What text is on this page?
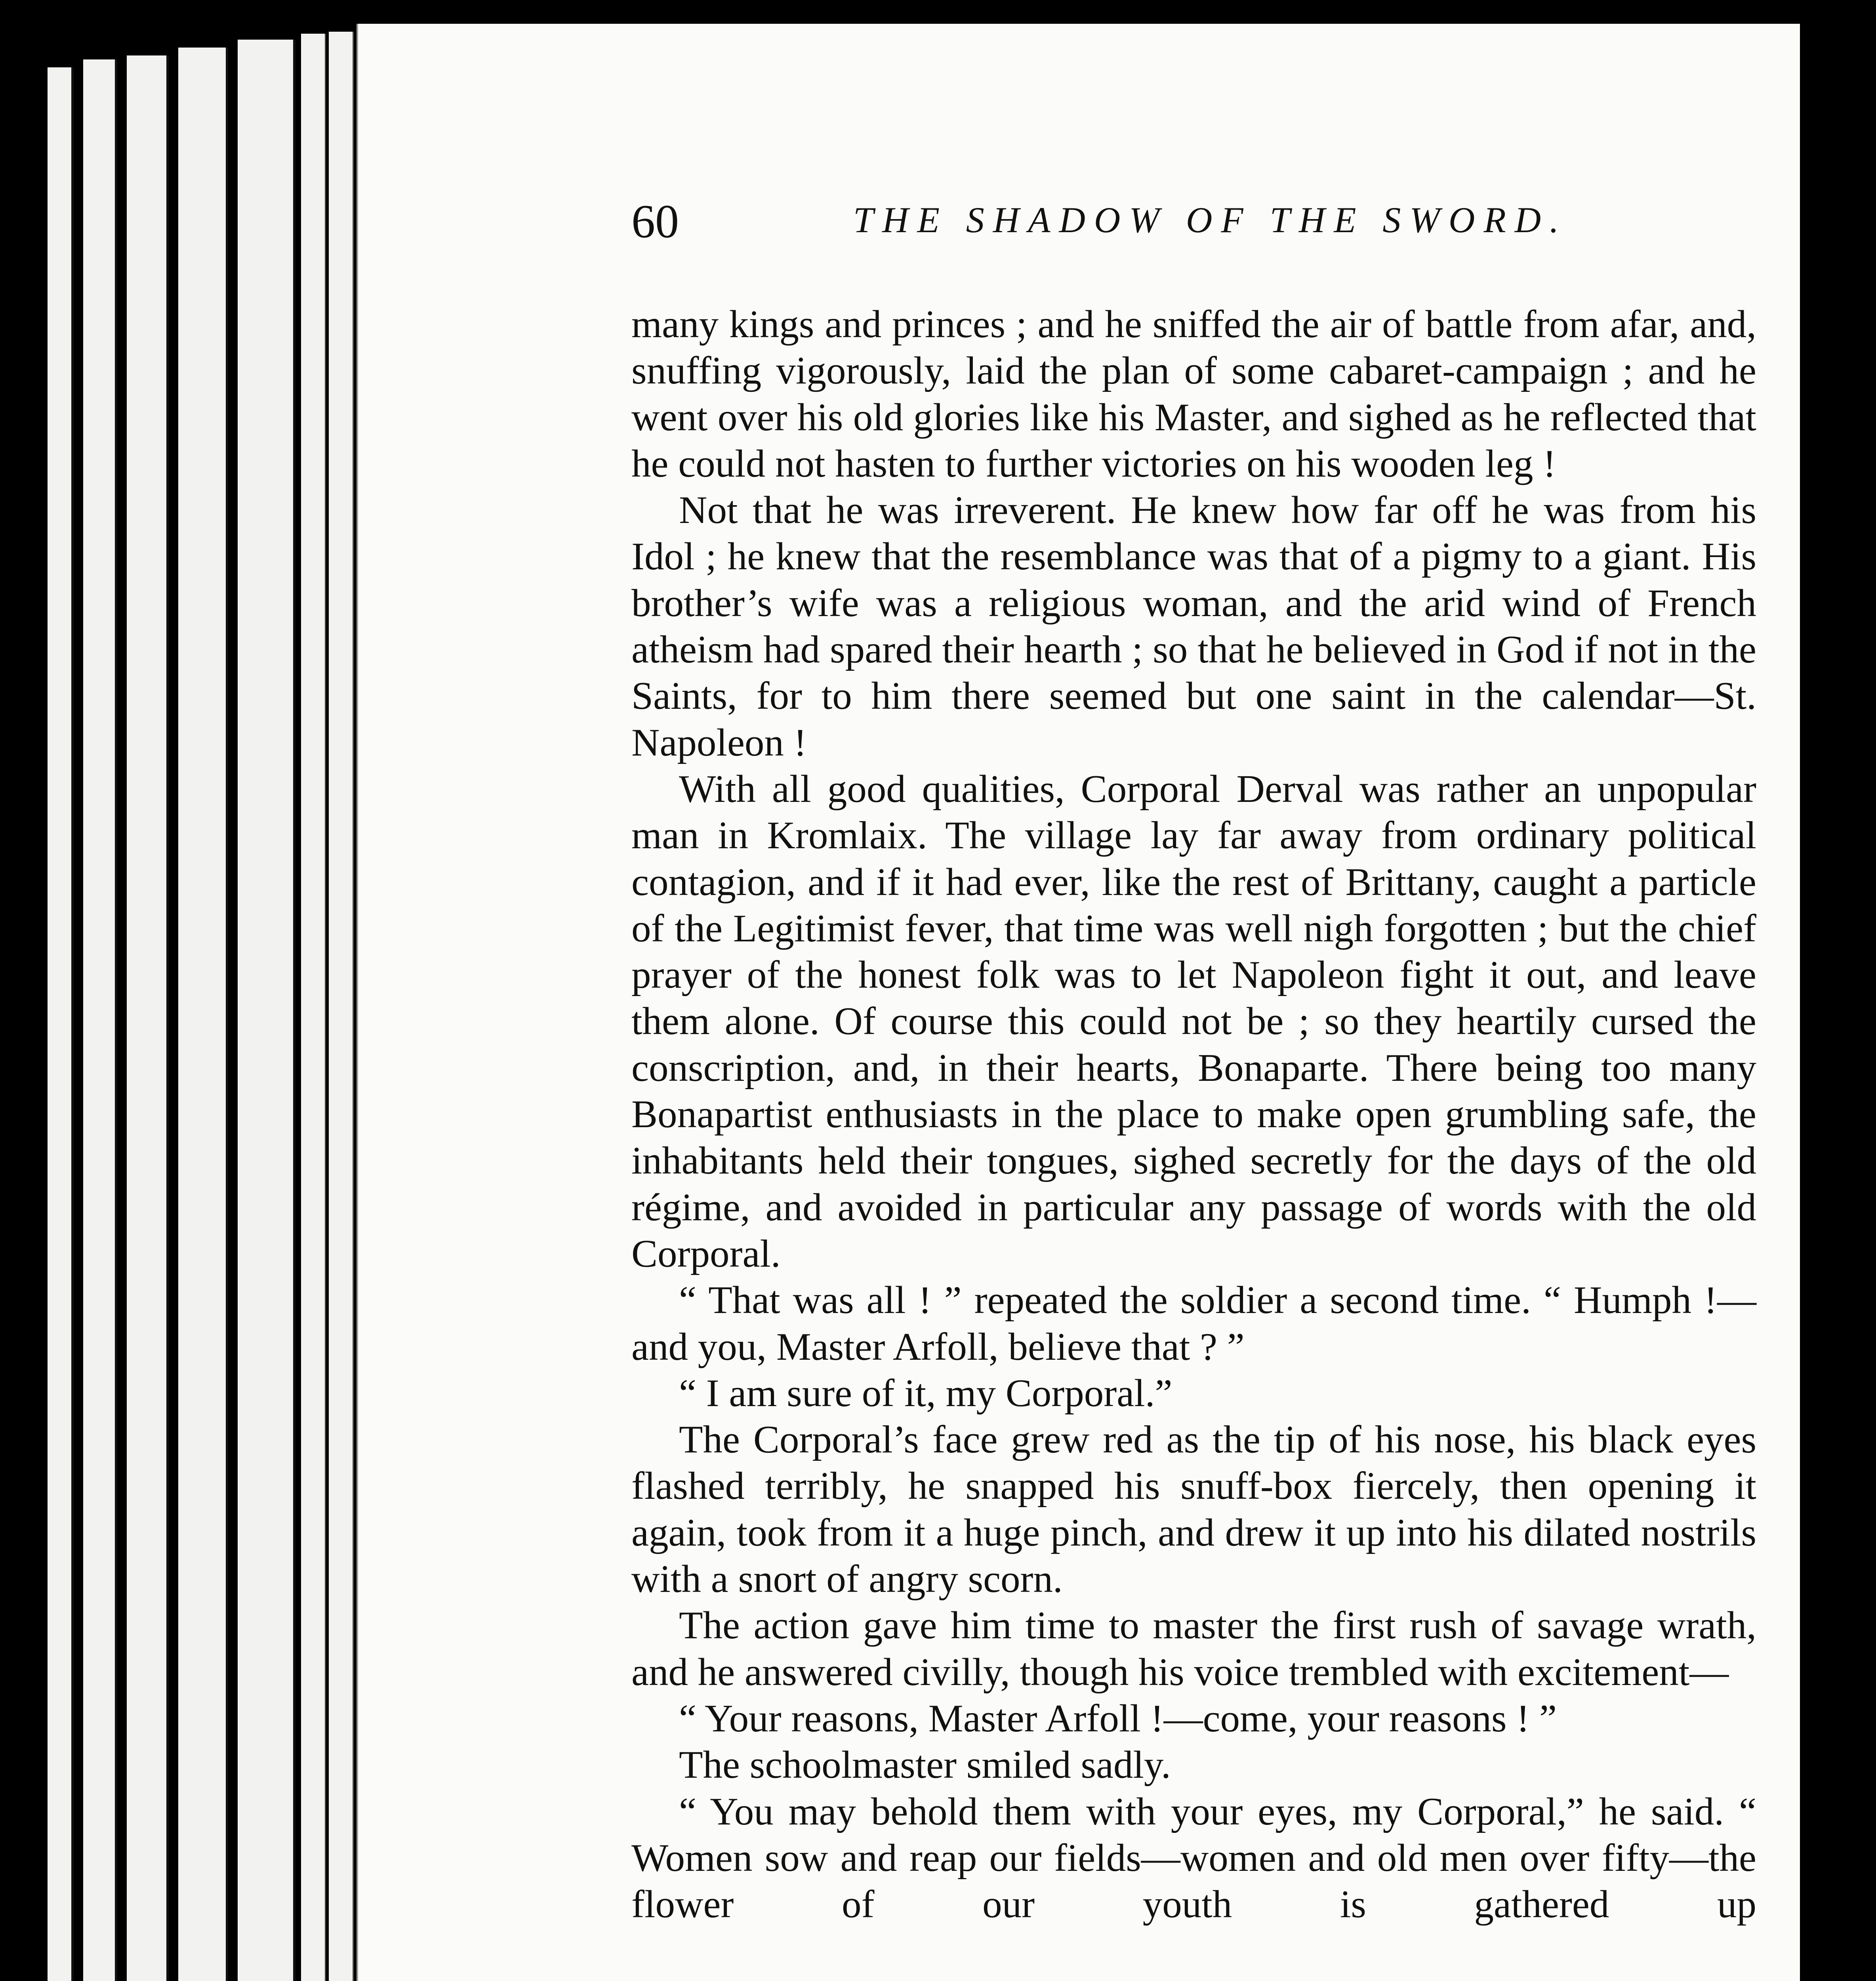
60	THE SHADOW OF THE SWORD.

many kings and princes ; and he sniffed the air of battle from afar, and, snuffing vigorously, laid the plan of some cabaret-campaign ; and he went over his old glories like his Master, and sighed as he reflected that he could not hasten to further victories on his wooden leg !

Not that he was irreverent. He knew how far off he was from his Idol ; he knew that the resemblance was that of a pigmy to a giant. His brother’s wife was a religious woman, and the arid wind of French atheism had spared their hearth ; so that he believed in God if not in the Saints, for to him there seemed but one saint in the calendar—St. Napoleon !

With all good qualities, Corporal Derval was rather an unpopular man in Kromlaix. The village lay far away from ordinary political contagion, and if it had ever, like the rest of Brittany, caught a particle of the Legitimist fever, that time was well nigh forgotten ; but the chief prayer of the honest folk was to let Napoleon fight it out, and leave them alone. Of course this could not be ; so they heartily cursed the conscription, and, in their hearts, Bonaparte. There being too many Bonapartist enthusiasts in the place to make open grumbling safe, the inhabitants held their tongues, sighed secretly for the days of the old régime, and avoided in particular any passage of words with the old Corporal.

“ That was all ! ” repeated the soldier a second time. “ Humph !—and you, Master Arfoll, believe that ? ”

“ I am sure of it, my Corporal.”

The Corporal’s face grew red as the tip of his nose, his black eyes flashed terribly, he snapped his snuff-box fiercely, then opening it again, took from it a huge pinch, and drew it up into his dilated nostrils with a snort of angry scorn.

The action gave him time to master the first rush of savage wrath, and he answered civilly, though his voice trembled with excitement—

“ Your reasons, Master Arfoll !—come, your reasons ! ”

The schoolmaster smiled sadly.

“ You may behold them with your eyes, my Corporal,” he said. “ Women sow and reap our fields—women and old men over fifty—the flower of our youth is gathered up
